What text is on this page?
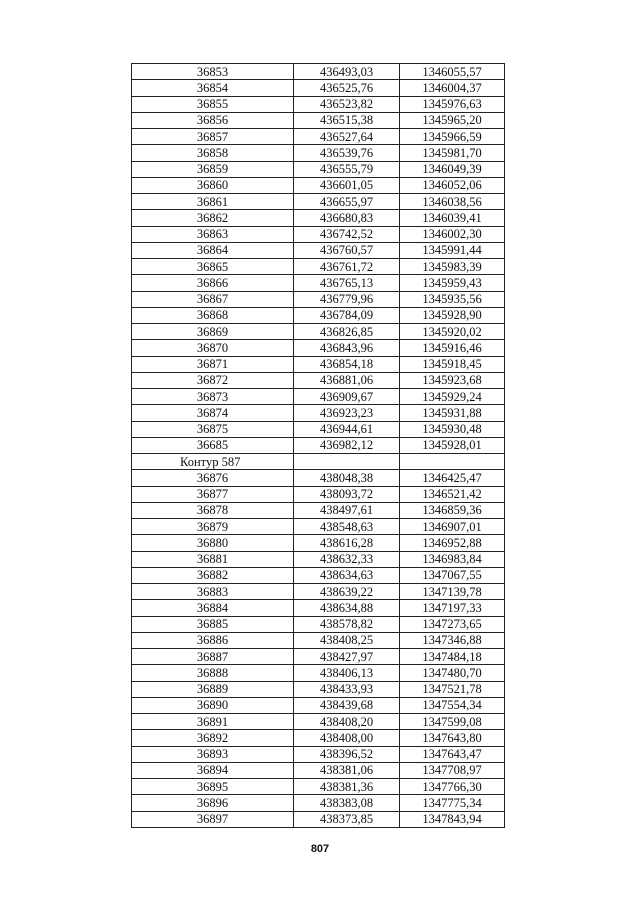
36853	436493,03	1346055,57
36854	436525,76	1346004,37
36855	436523,82	1345976,63
36856	436515,38	1345965,20
36857	436527,64	1345966,59
36858	436539,76	1345981,70
36859	436555,79	1346049,39
36860	436601,05	1346052,06
36861	436655,97	1346038,56
36862	436680,83	1346039,41
36863	436742,52	1346002,30
36864	436760,57	1345991,44
36865	436761,72	1345983,39
36866	436765,13	1345959,43
36867	436779,96	1345935,56
36868	436784,09	1345928,90
36869	436826,85	1345920,02
36870	436843,96	1345916,46
36871	436854,18	1345918,45
36872	436881,06	1345923,68
36873	436909,67	1345929,24
36874	436923,23	1345931,88
36875	436944,61	1345930,48
36685	436982,12	1345928,01
Контур 587		
36876	438048,38	1346425,47
36877	438093,72	1346521,42
36878	438497,61	1346859,36
36879	438548,63	1346907,01
36880	438616,28	1346952,88
36881	438632,33	1346983,84
36882	438634,63	1347067,55
36883	438639,22	1347139,78
36884	438634,88	1347197,33
36885	438578,82	1347273,65
36886	438408,25	1347346,88
36887	438427,97	1347484,18
36888	438406,13	1347480,70
36889	438433,93	1347521,78
36890	438439,68	1347554,34
36891	438408,20	1347599,08
36892	438408,00	1347643,80
36893	438396,52	1347643,47
36894	438381,06	1347708,97
36895	438381,36	1347766,30
36896	438383,08	1347775,34
36897	438373,85	1347843,94
807
